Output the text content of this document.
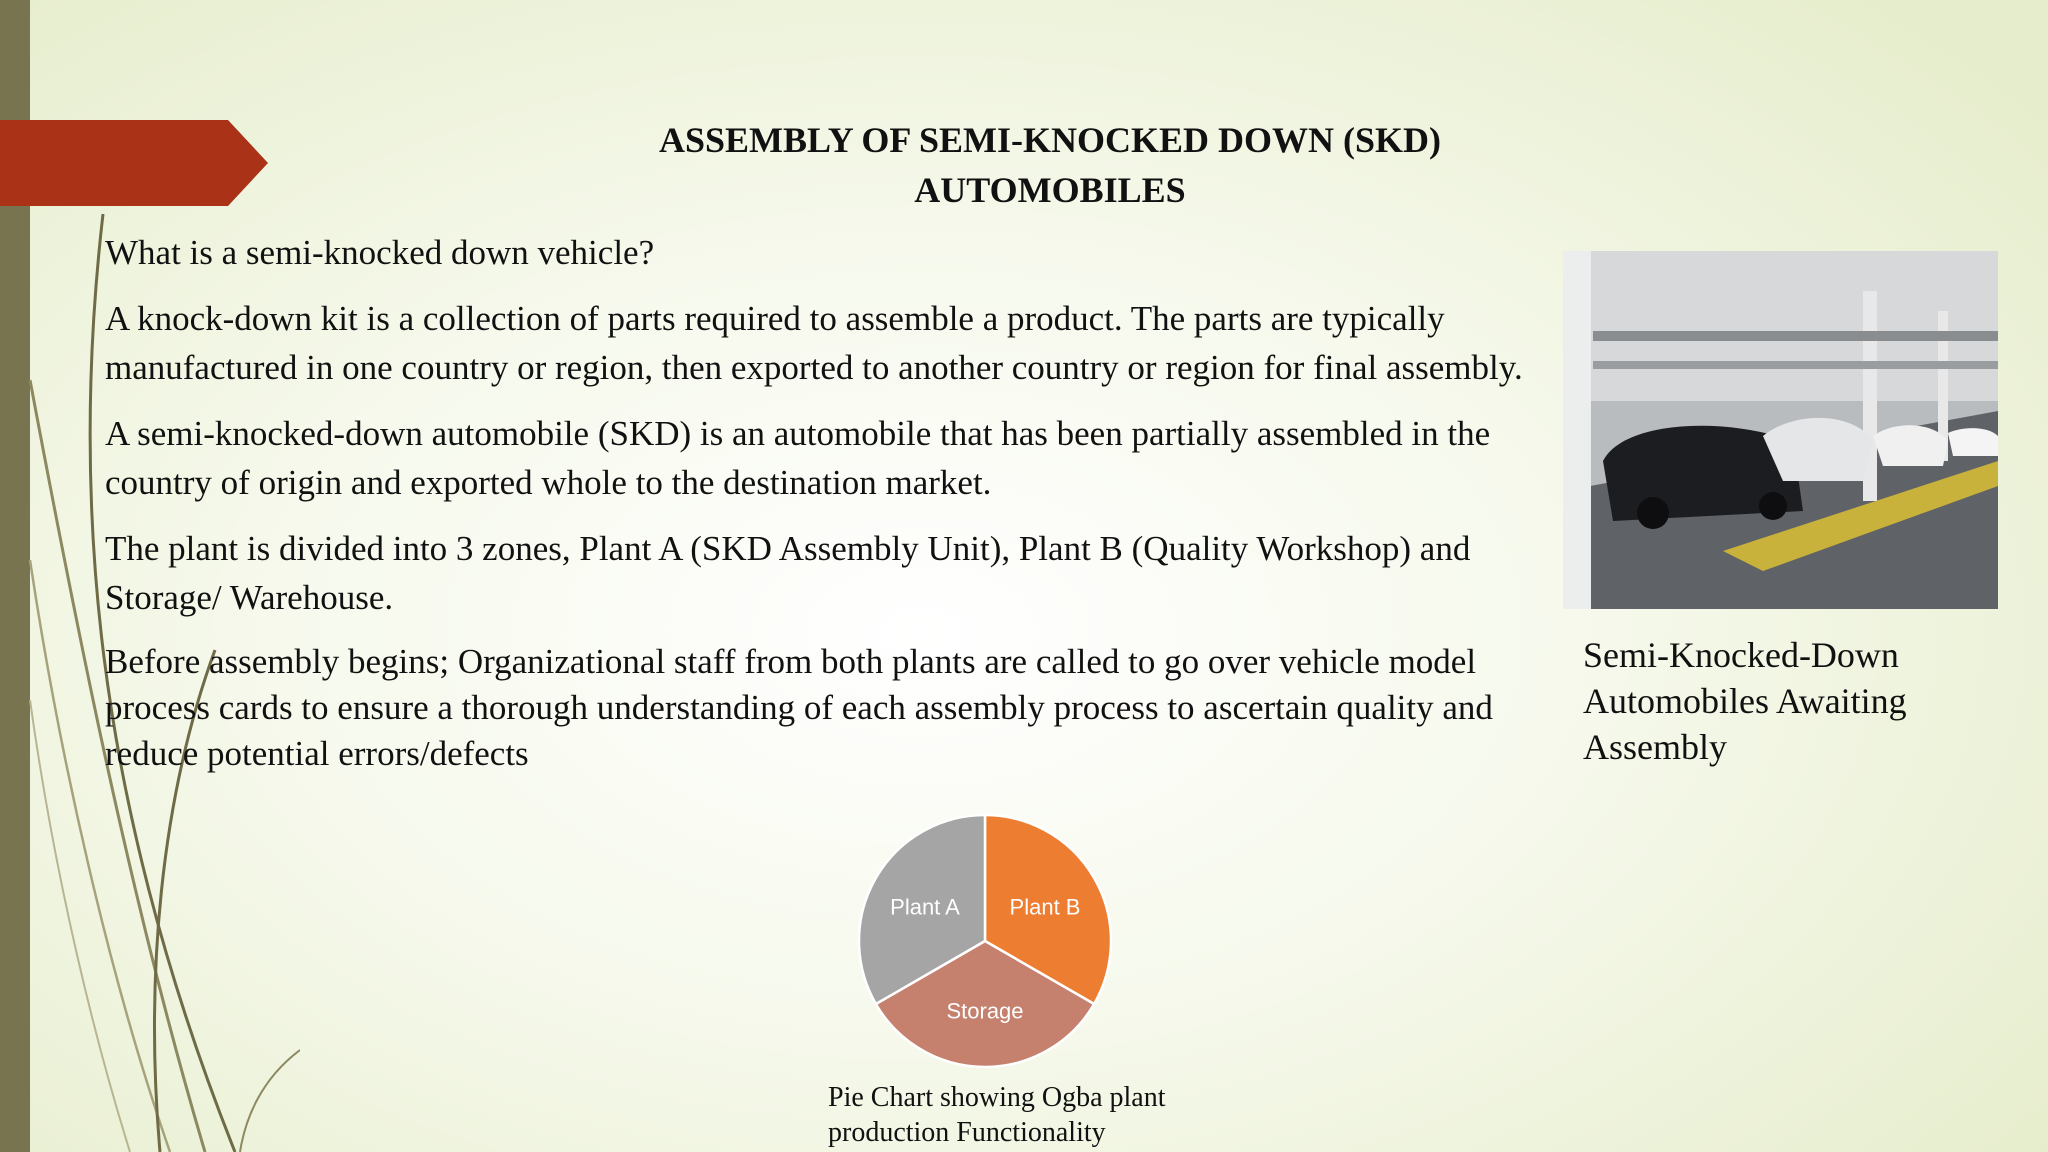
ASSEMBLY OF SEMI-KNOCKED DOWN (SKD)
AUTOMOBILES

What is a semi-knocked down vehicle?

A knock-down kit is a collection of parts required to assemble a product. The parts are typically manufactured in one country or region, then exported to another country or region for final assembly.

A semi-knocked-down automobile (SKD) is an automobile that has been partially assembled in the country of origin and exported whole to the destination market.

The plant is divided into 3 zones, Plant A (SKD Assembly Unit), Plant B (Quality Workshop) and Storage/ Warehouse.

Before assembly begins; Organizational staff from both plants are called to go over vehicle model process cards to ensure a thorough understanding of each assembly process to ascertain quality and reduce potential errors/defects

Semi-Knocked-Down Automobiles Awaiting Assembly
Plant B
Storage
Plant A
Pie Chart showing Ogba plant production Functionality
